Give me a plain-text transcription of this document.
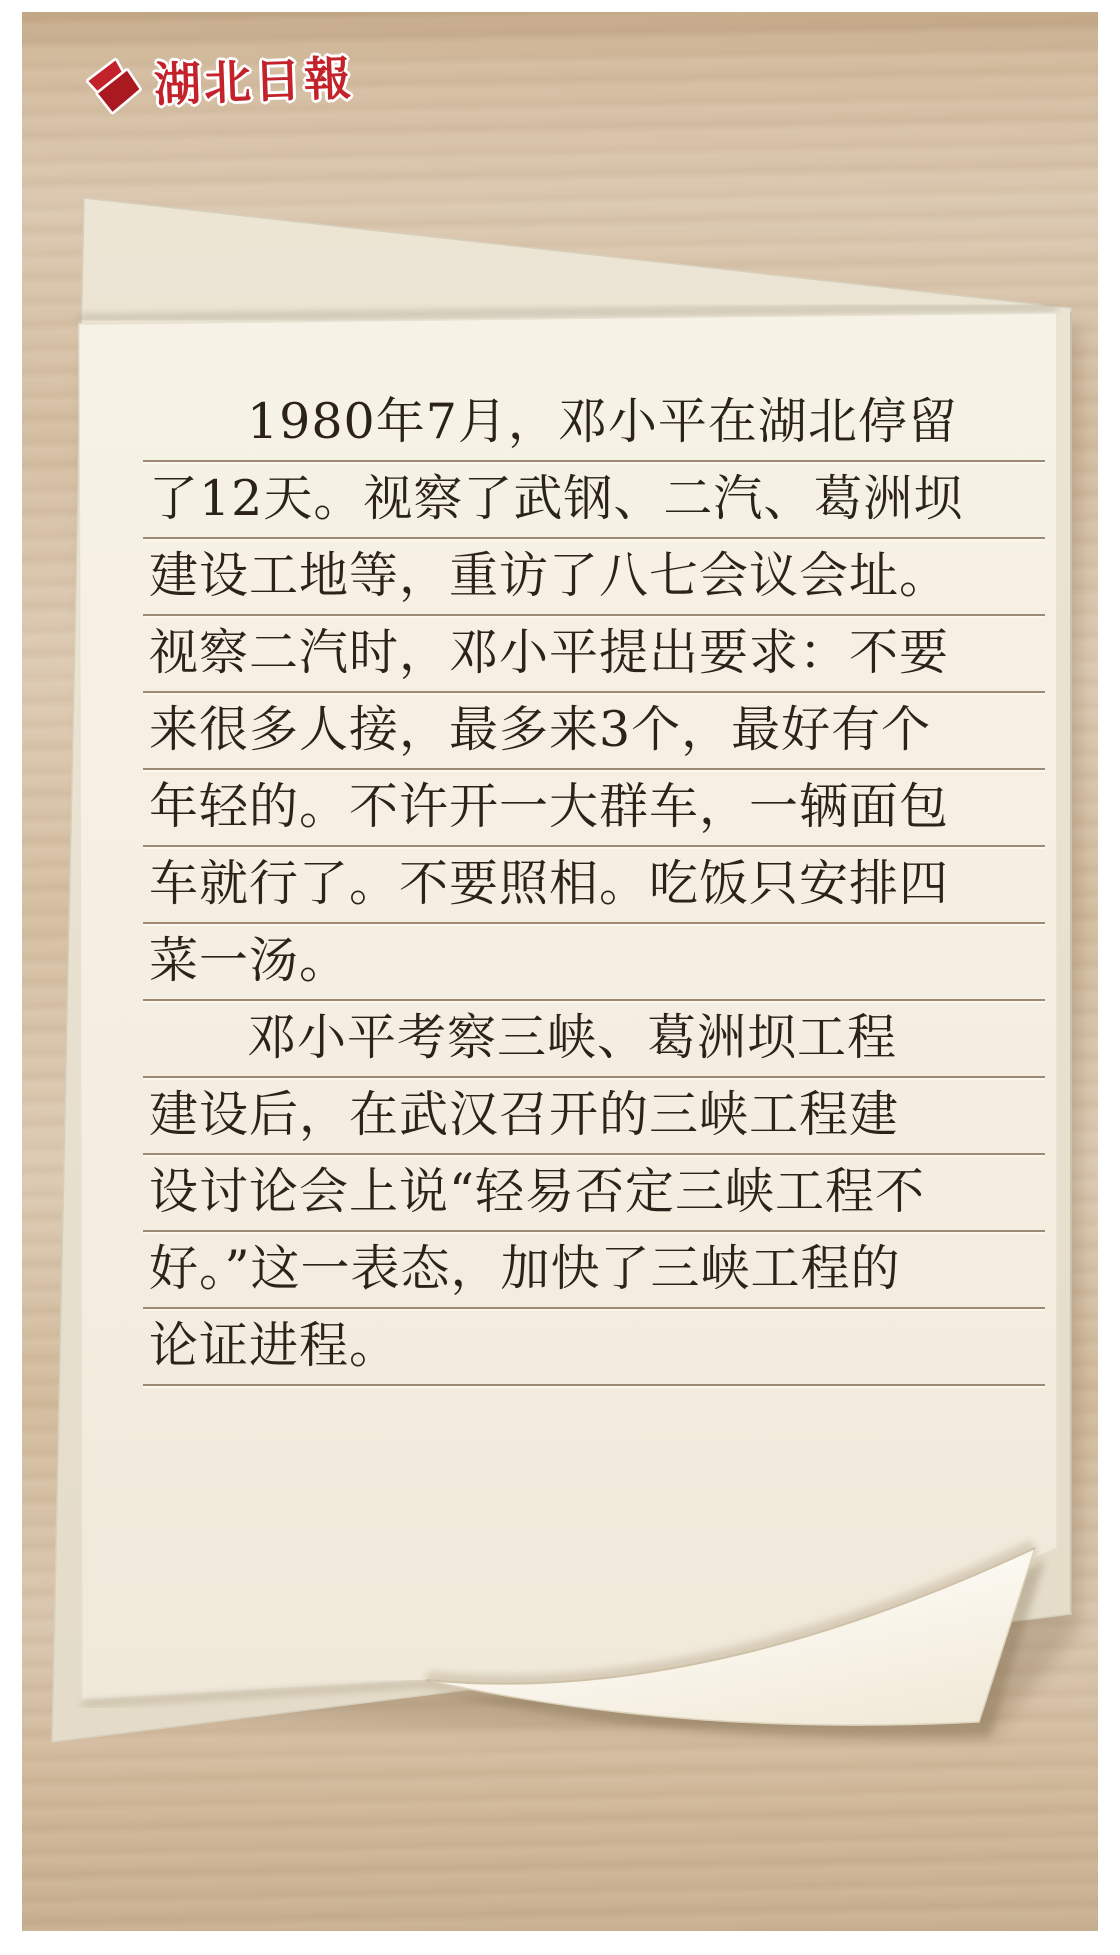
湖北日報
1980年7月，邓小平在湖北停留
了12天。视察了武钢、二汽、葛洲坝
建设工地等，重访了八七会议会址。
视察二汽时，邓小平提出要求：不要
来很多人接，最多来3个，最好有个
年轻的。不许开一大群车，一辆面包
车就行了。不要照相。吃饭只安排四
菜一汤。
邓小平考察三峡、葛洲坝工程
建设后，在武汉召开的三峡工程建
设讨论会上说“轻易否定三峡工程不
好。”这一表态，加快了三峡工程的
论证进程。
